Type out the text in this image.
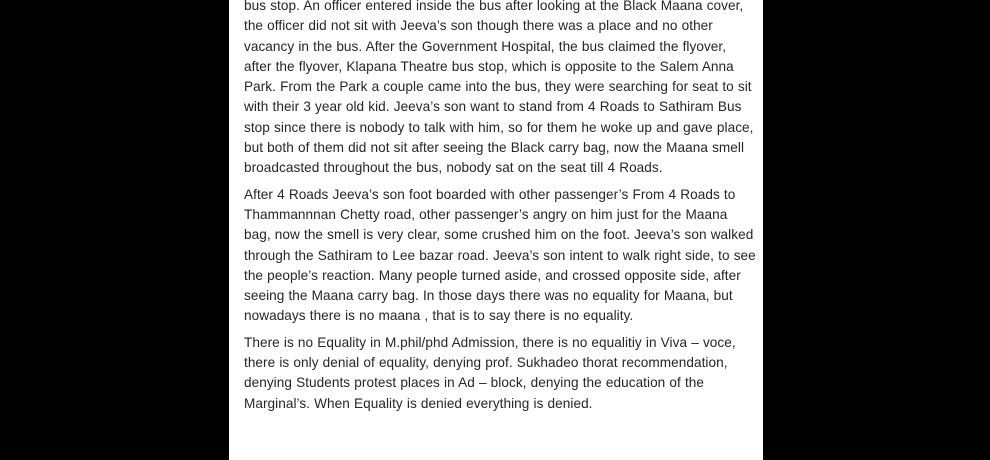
bus stop. An officer entered inside the bus after looking at the Black Maana cover, the officer did not sit with Jeeva’s son though there was a place and no other vacancy in the bus. After the Government Hospital, the bus claimed the flyover, after the flyover, Klapana Theatre bus stop, which is opposite to the Salem Anna Park. From the Park a couple came into the bus, they were searching for seat to sit with their 3 year old kid. Jeeva’s son want to stand from 4 Roads to Sathiram Bus stop since there is nobody to talk with him, so for them he woke up and gave place, but both of them did not sit after seeing the Black carry bag, now the Maana smell broadcasted throughout the bus, nobody sat on the seat till 4 Roads.

After 4 Roads Jeeva’s son foot boarded with other passenger’s From 4 Roads to Thammannnan Chetty road, other passenger’s angry on him just for the Maana bag, now the smell is very clear, some crushed him on the foot. Jeeva’s son walked through the Sathiram to Lee bazar road. Jeeva’s son intent to walk right side, to see the people’s reaction. Many people turned aside, and crossed opposite side, after seeing the Maana carry bag. In those days there was no equality for Maana, but nowadays there is no maana , that is to say there is no equality.

There is no Equality in M.phil/phd Admission, there is no equalitiy in Viva – voce, there is only denial of equality, denying prof. Sukhadeo thorat recommendation, denying Students protest places in Ad – block, denying the education of the Marginal’s. When Equality is denied everything is denied.
